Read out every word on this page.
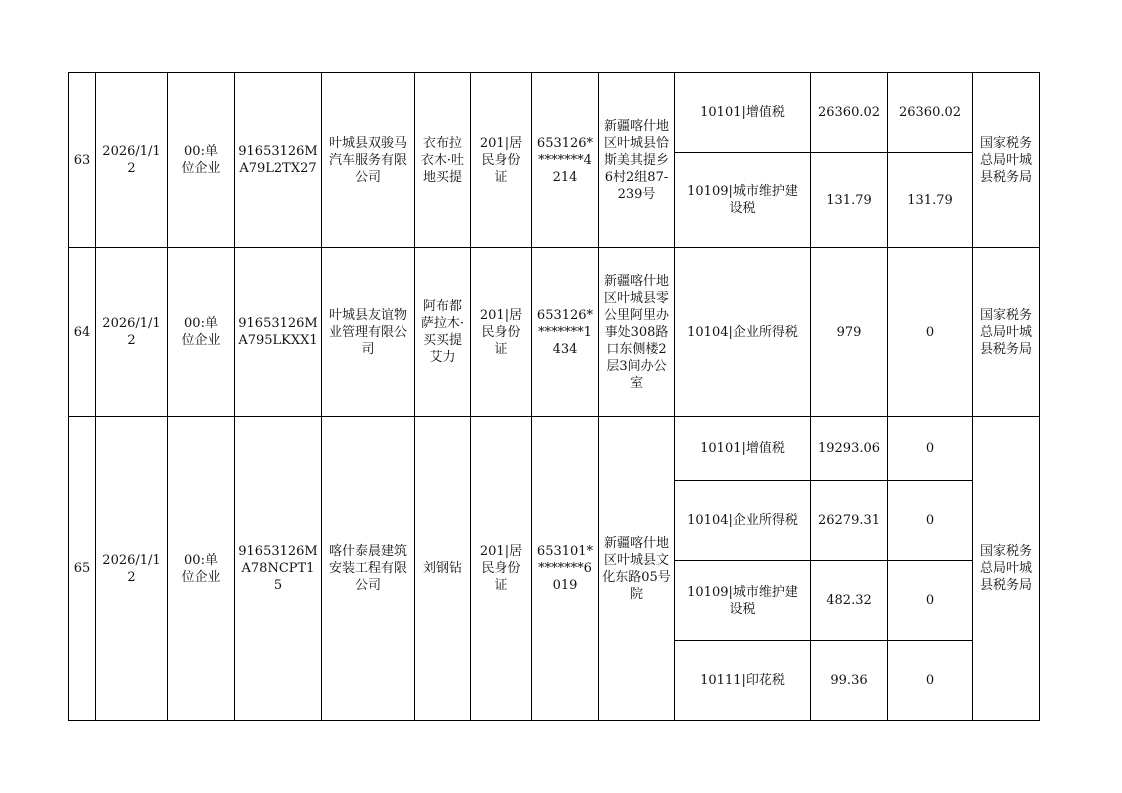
63	2026/1/12	00:单位企业	91653126MA79L2TX27	叶城县双骏马汽车服务有限公司	衣布拉衣木·吐地买提	201|居民身份证	653126********4214	新疆喀什地区叶城县恰斯美其提乡6村2组87-239号	10101|增值税	26360.02	26360.02	国家税务总局叶城县税务局
									10109|城市维护建设税	131.79	131.79	
64	2026/1/12	00:单位企业	91653126MA795LKXX1	叶城县友谊物业管理有限公司	阿布都萨拉木·买买提艾力	201|居民身份证	653126********1434	新疆喀什地区叶城县零公里阿里办事处308路口东侧楼2层3间办公室	10104|企业所得税	979	0	国家税务总局叶城县税务局
65	2026/1/12	00:单位企业	91653126MA78NCPT15	喀什泰晨建筑安装工程有限公司	刘钢钻	201|居民身份证	653101********6019	新疆喀什地区叶城县文化东路05号院	10101|增值税	19293.06	0	国家税务总局叶城县税务局
									10104|企业所得税	26279.31	0	
									10109|城市维护建设税	482.32	0	
									10111|印花税	99.36	0	
